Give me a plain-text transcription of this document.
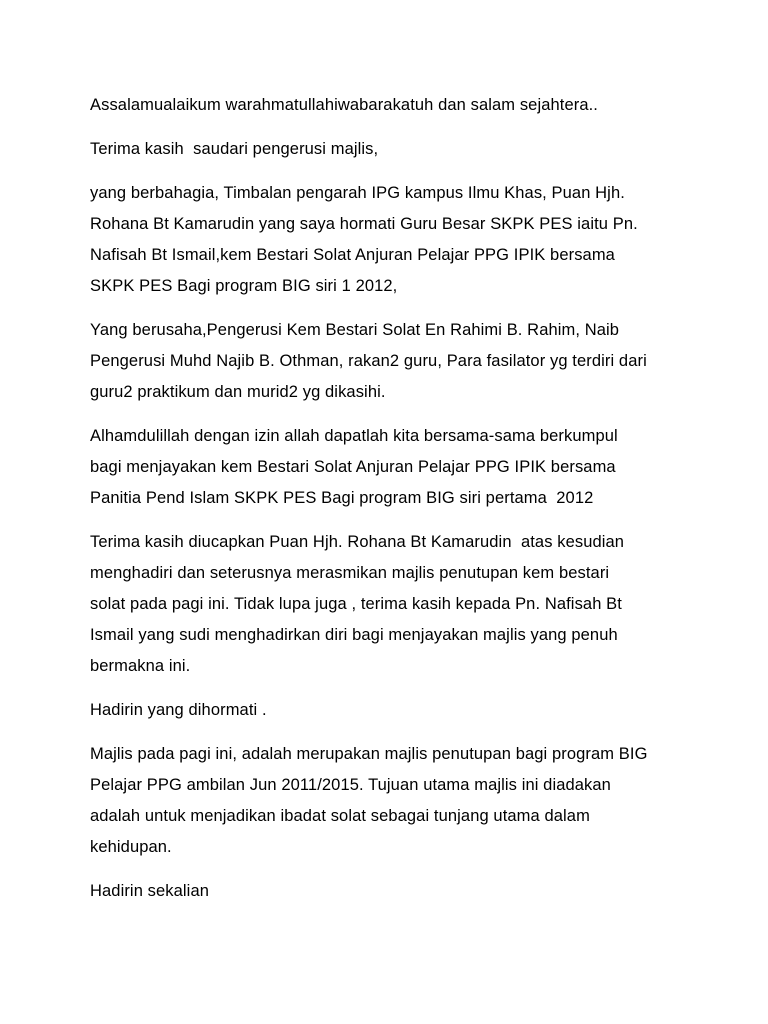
Assalamualaikum warahmatullahiwabarakatuh dan salam sejahtera..

Terima kasih  saudari pengerusi majlis,

yang berbahagia, Timbalan pengarah IPG kampus Ilmu Khas, Puan Hjh.
Rohana Bt Kamarudin yang saya hormati Guru Besar SKPK PES iaitu Pn.
Nafisah Bt Ismail,kem Bestari Solat Anjuran Pelajar PPG IPIK bersama
SKPK PES Bagi program BIG siri 1 2012,

Yang berusaha,Pengerusi Kem Bestari Solat En Rahimi B. Rahim, Naib
Pengerusi Muhd Najib B. Othman, rakan2 guru, Para fasilator yg terdiri dari
guru2 praktikum dan murid2 yg dikasihi.

Alhamdulillah dengan izin allah dapatlah kita bersama-sama berkumpul
bagi menjayakan kem Bestari Solat Anjuran Pelajar PPG IPIK bersama
Panitia Pend Islam SKPK PES Bagi program BIG siri pertama  2012

Terima kasih diucapkan Puan Hjh. Rohana Bt Kamarudin  atas kesudian
menghadiri dan seterusnya merasmikan majlis penutupan kem bestari
solat pada pagi ini. Tidak lupa juga , terima kasih kepada Pn. Nafisah Bt
Ismail yang sudi menghadirkan diri bagi menjayakan majlis yang penuh
bermakna ini.

Hadirin yang dihormati .

Majlis pada pagi ini, adalah merupakan majlis penutupan bagi program BIG
Pelajar PPG ambilan Jun 2011/2015. Tujuan utama majlis ini diadakan
adalah untuk menjadikan ibadat solat sebagai tunjang utama dalam
kehidupan.

Hadirin sekalian
